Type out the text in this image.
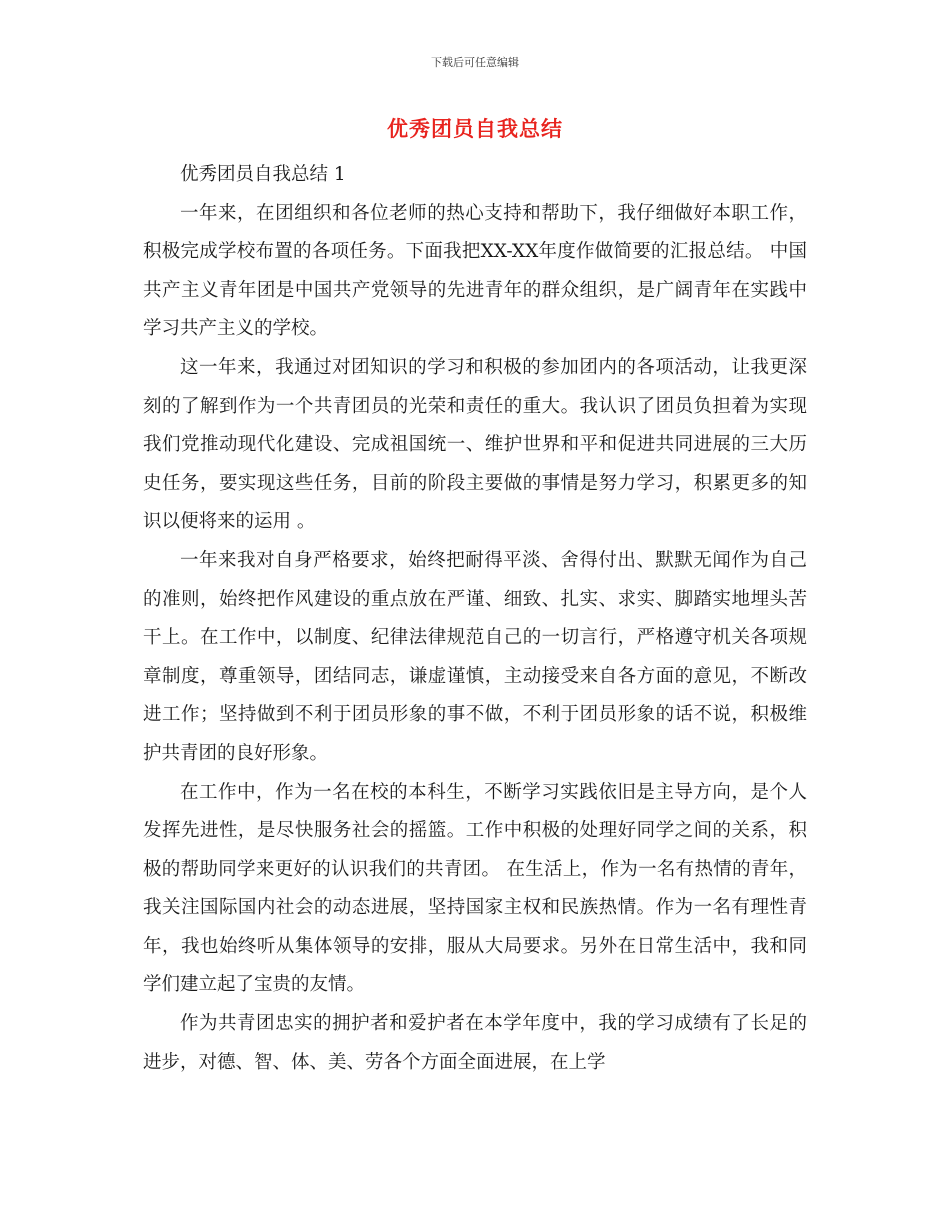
下载后可任意编辑
优秀团员自我总结

优秀团员自我总结 1

一年来，在团组织和各位老师的热心支持和帮助下，我仔细做好本职工作，积极完成学校布置的各项任务。下面我把XX-XX年度作做简要的汇报总结。 中国共产主义青年团是中国共产党领导的先进青年的群众组织，是广阔青年在实践中学习共产主义的学校。

这一年来，我通过对团知识的学习和积极的参加团内的各项活动，让我更深刻的了解到作为一个共青团员的光荣和责任的重大。我认识了团员负担着为实现我们党推动现代化建设、完成祖国统一、维护世界和平和促进共同进展的三大历史任务，要实现这些任务，目前的阶段主要做的事情是努力学习，积累更多的知识以便将来的运用 。

一年来我对自身严格要求，始终把耐得平淡、舍得付出、默默无闻作为自己的准则，始终把作风建设的重点放在严谨、细致、扎实、求实、脚踏实地埋头苦干上。在工作中，以制度、纪律法律规范自己的一切言行，严格遵守机关各项规章制度，尊重领导，团结同志，谦虚谨慎，主动接受来自各方面的意见，不断改进工作；坚持做到不利于团员形象的事不做，不利于团员形象的话不说，积极维护共青团的良好形象。

在工作中，作为一名在校的本科生，不断学习实践依旧是主导方向，是个人发挥先进性，是尽快服务社会的摇篮。工作中积极的处理好同学之间的关系，积极的帮助同学来更好的认识我们的共青团。 在生活上，作为一名有热情的青年，我关注国际国内社会的动态进展，坚持国家主权和民族热情。作为一名有理性青年，我也始终听从集体领导的安排，服从大局要求。另外在日常生活中，我和同学们建立起了宝贵的友情。

作为共青团忠实的拥护者和爱护者在本学年度中，我的学习成绩有了长足的进步，对德、智、体、美、劳各个方面全面进展，在上学
